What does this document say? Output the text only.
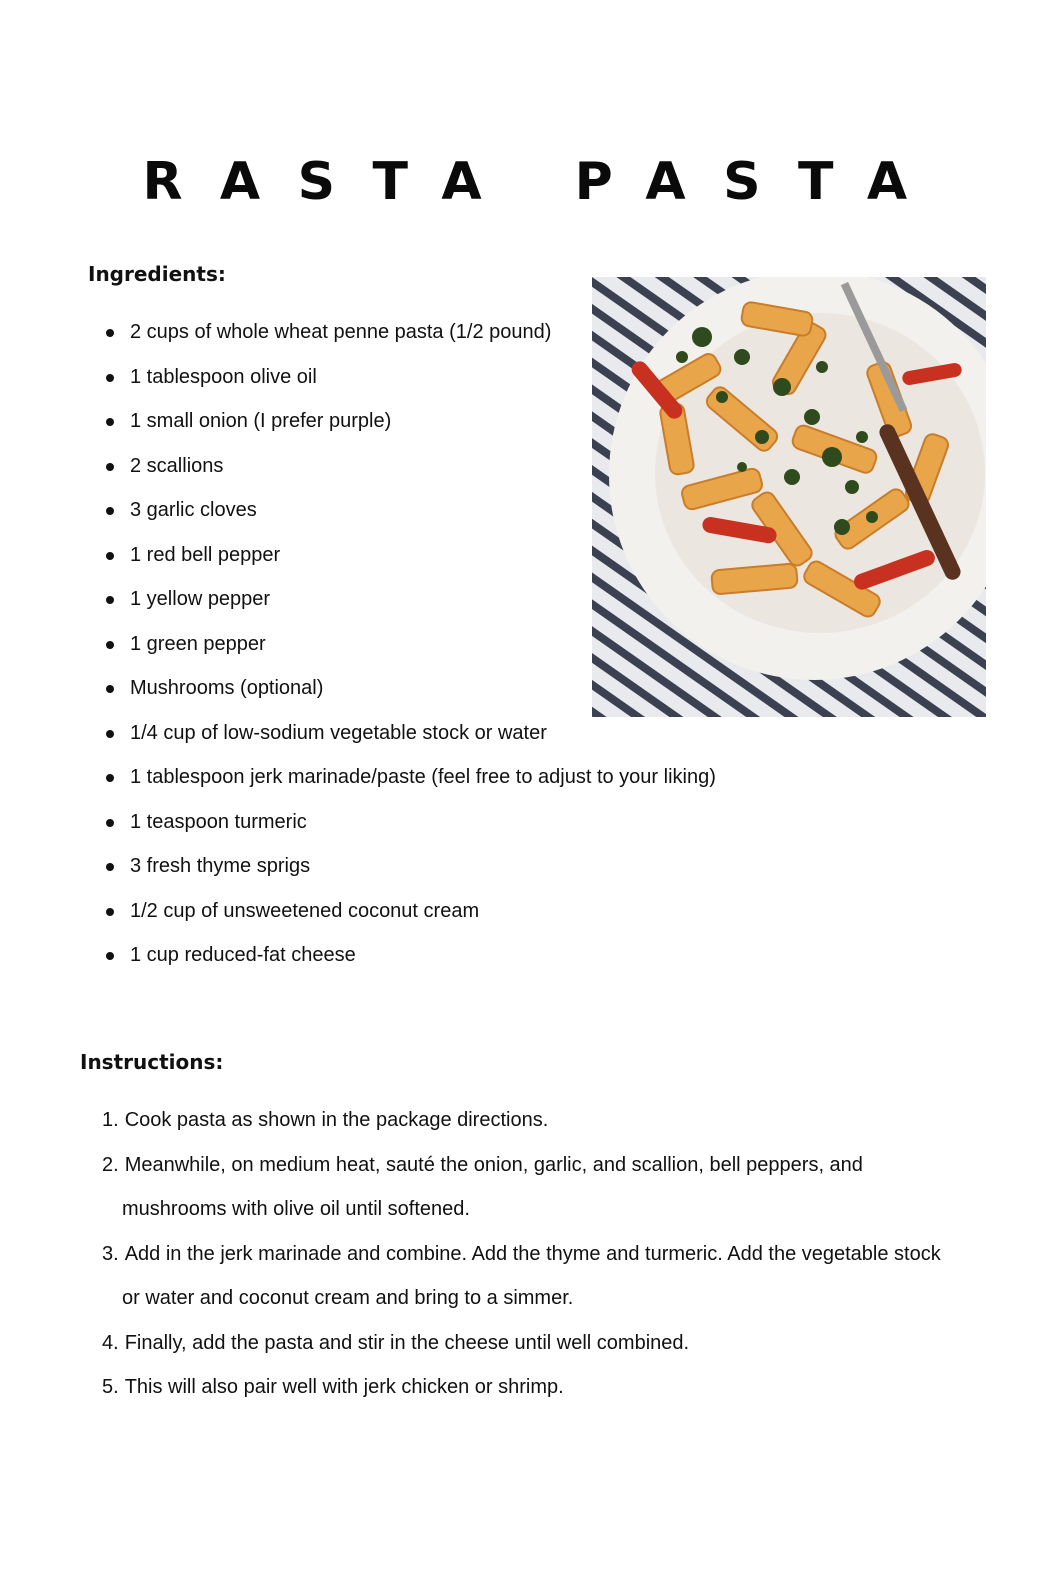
RASTA PASTA
Ingredients:
2 cups of whole wheat penne pasta (1/2 pound)
1 tablespoon olive oil
1 small onion (I prefer purple)
2 scallions
3 garlic cloves
1 red bell pepper
1 yellow pepper
1 green pepper
Mushrooms (optional)
1/4 cup of low-sodium vegetable stock or water
1 tablespoon jerk marinade/paste (feel free to adjust to your liking)
1 teaspoon turmeric
3 fresh thyme sprigs
1/2 cup of unsweetened coconut cream
1 cup reduced-fat cheese
Instructions:
1. Cook pasta as shown in the package directions.
2. Meanwhile, on medium heat, sauté the onion, garlic, and scallion, bell peppers, and
mushrooms with olive oil until softened.
3. Add in the jerk marinade and combine. Add the thyme and turmeric. Add the vegetable stock
or water and coconut cream and bring to a simmer.
4. Finally, add the pasta and stir in the cheese until well combined.
5. This will also pair well with jerk chicken or shrimp.
